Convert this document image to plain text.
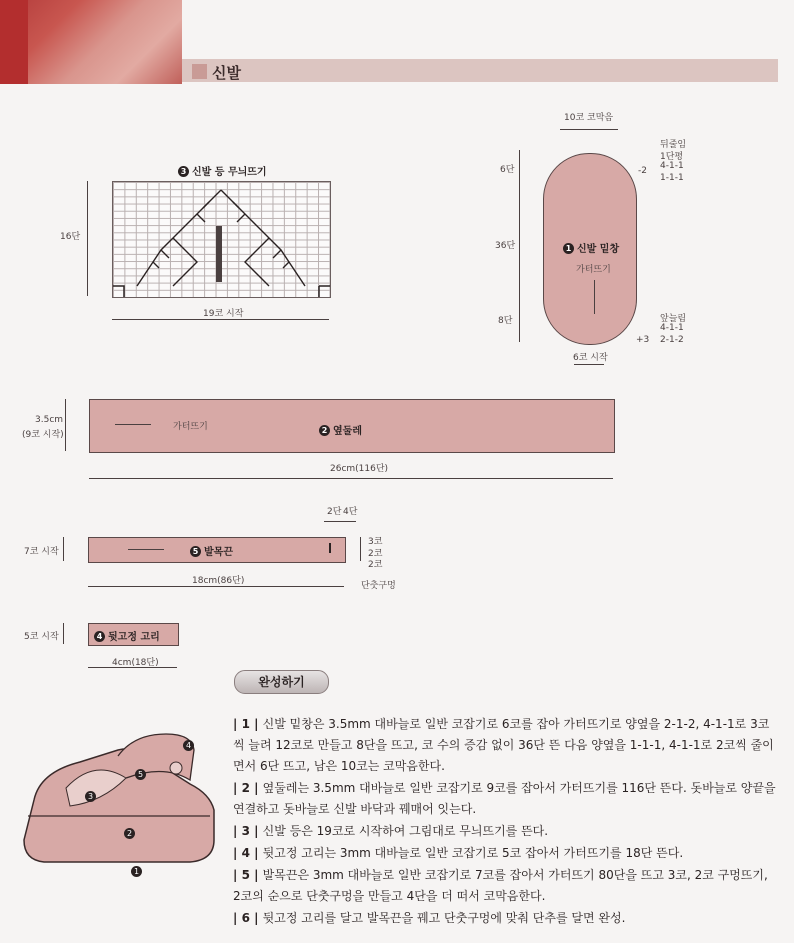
신발
3 신발 등 무늬뜨기
16단
19코 시작
1 신발 밑창
가터뜨기
10코 코막음
6단
36단
8단
-2
뒤줄임
1단평
4-1-1
1-1-1
앞늘림
4-1-1
2-1-2
+3
6코 시작
2 옆둘레
가터뜨기
3.5cm
(9코 시작)
26cm(116단)
5 발목끈
7코 시작
18cm(86단)
2단 4단
3코
2코
2코
단춧구멍
4 뒷고정 고리
5코 시작
4cm(18단)
4
5
3
2
1
완성하기
| 1 | 신발 밑창은 3.5mm 대바늘로 일반 코잡기로 6코를 잡아 가터뜨기로 양옆을 2-1-2, 4-1-1로 3코씩 늘려 12코로 만들고 8단을 뜨고, 코 수의 증감 없이 36단 뜬 다음 양옆을 1-1-1, 4-1-1로 2코씩 줄이면서 6단 뜨고, 남은 10코는 코막음한다.
| 2 | 옆둘레는 3.5mm 대바늘로 일반 코잡기로 9코를 잡아서 가터뜨기를 116단 뜬다. 돗바늘로 양끝을 연결하고 돗바늘로 신발 바닥과 꿰매어 잇는다.
| 3 | 신발 등은 19코로 시작하여 그림대로 무늬뜨기를 뜬다.
| 4 | 뒷고정 고리는 3mm 대바늘로 일반 코잡기로 5코 잡아서 가터뜨기를 18단 뜬다.
| 5 | 발목끈은 3mm 대바늘로 일반 코잡기로 7코를 잡아서 가터뜨기 80단을 뜨고 3코, 2코 구멍뜨기, 2코의 순으로 단춧구멍을 만들고 4단을 더 떠서 코막음한다.
| 6 | 뒷고정 고리를 달고 발목끈을 꿰고 단춧구멍에 맞춰 단추를 달면 완성.
